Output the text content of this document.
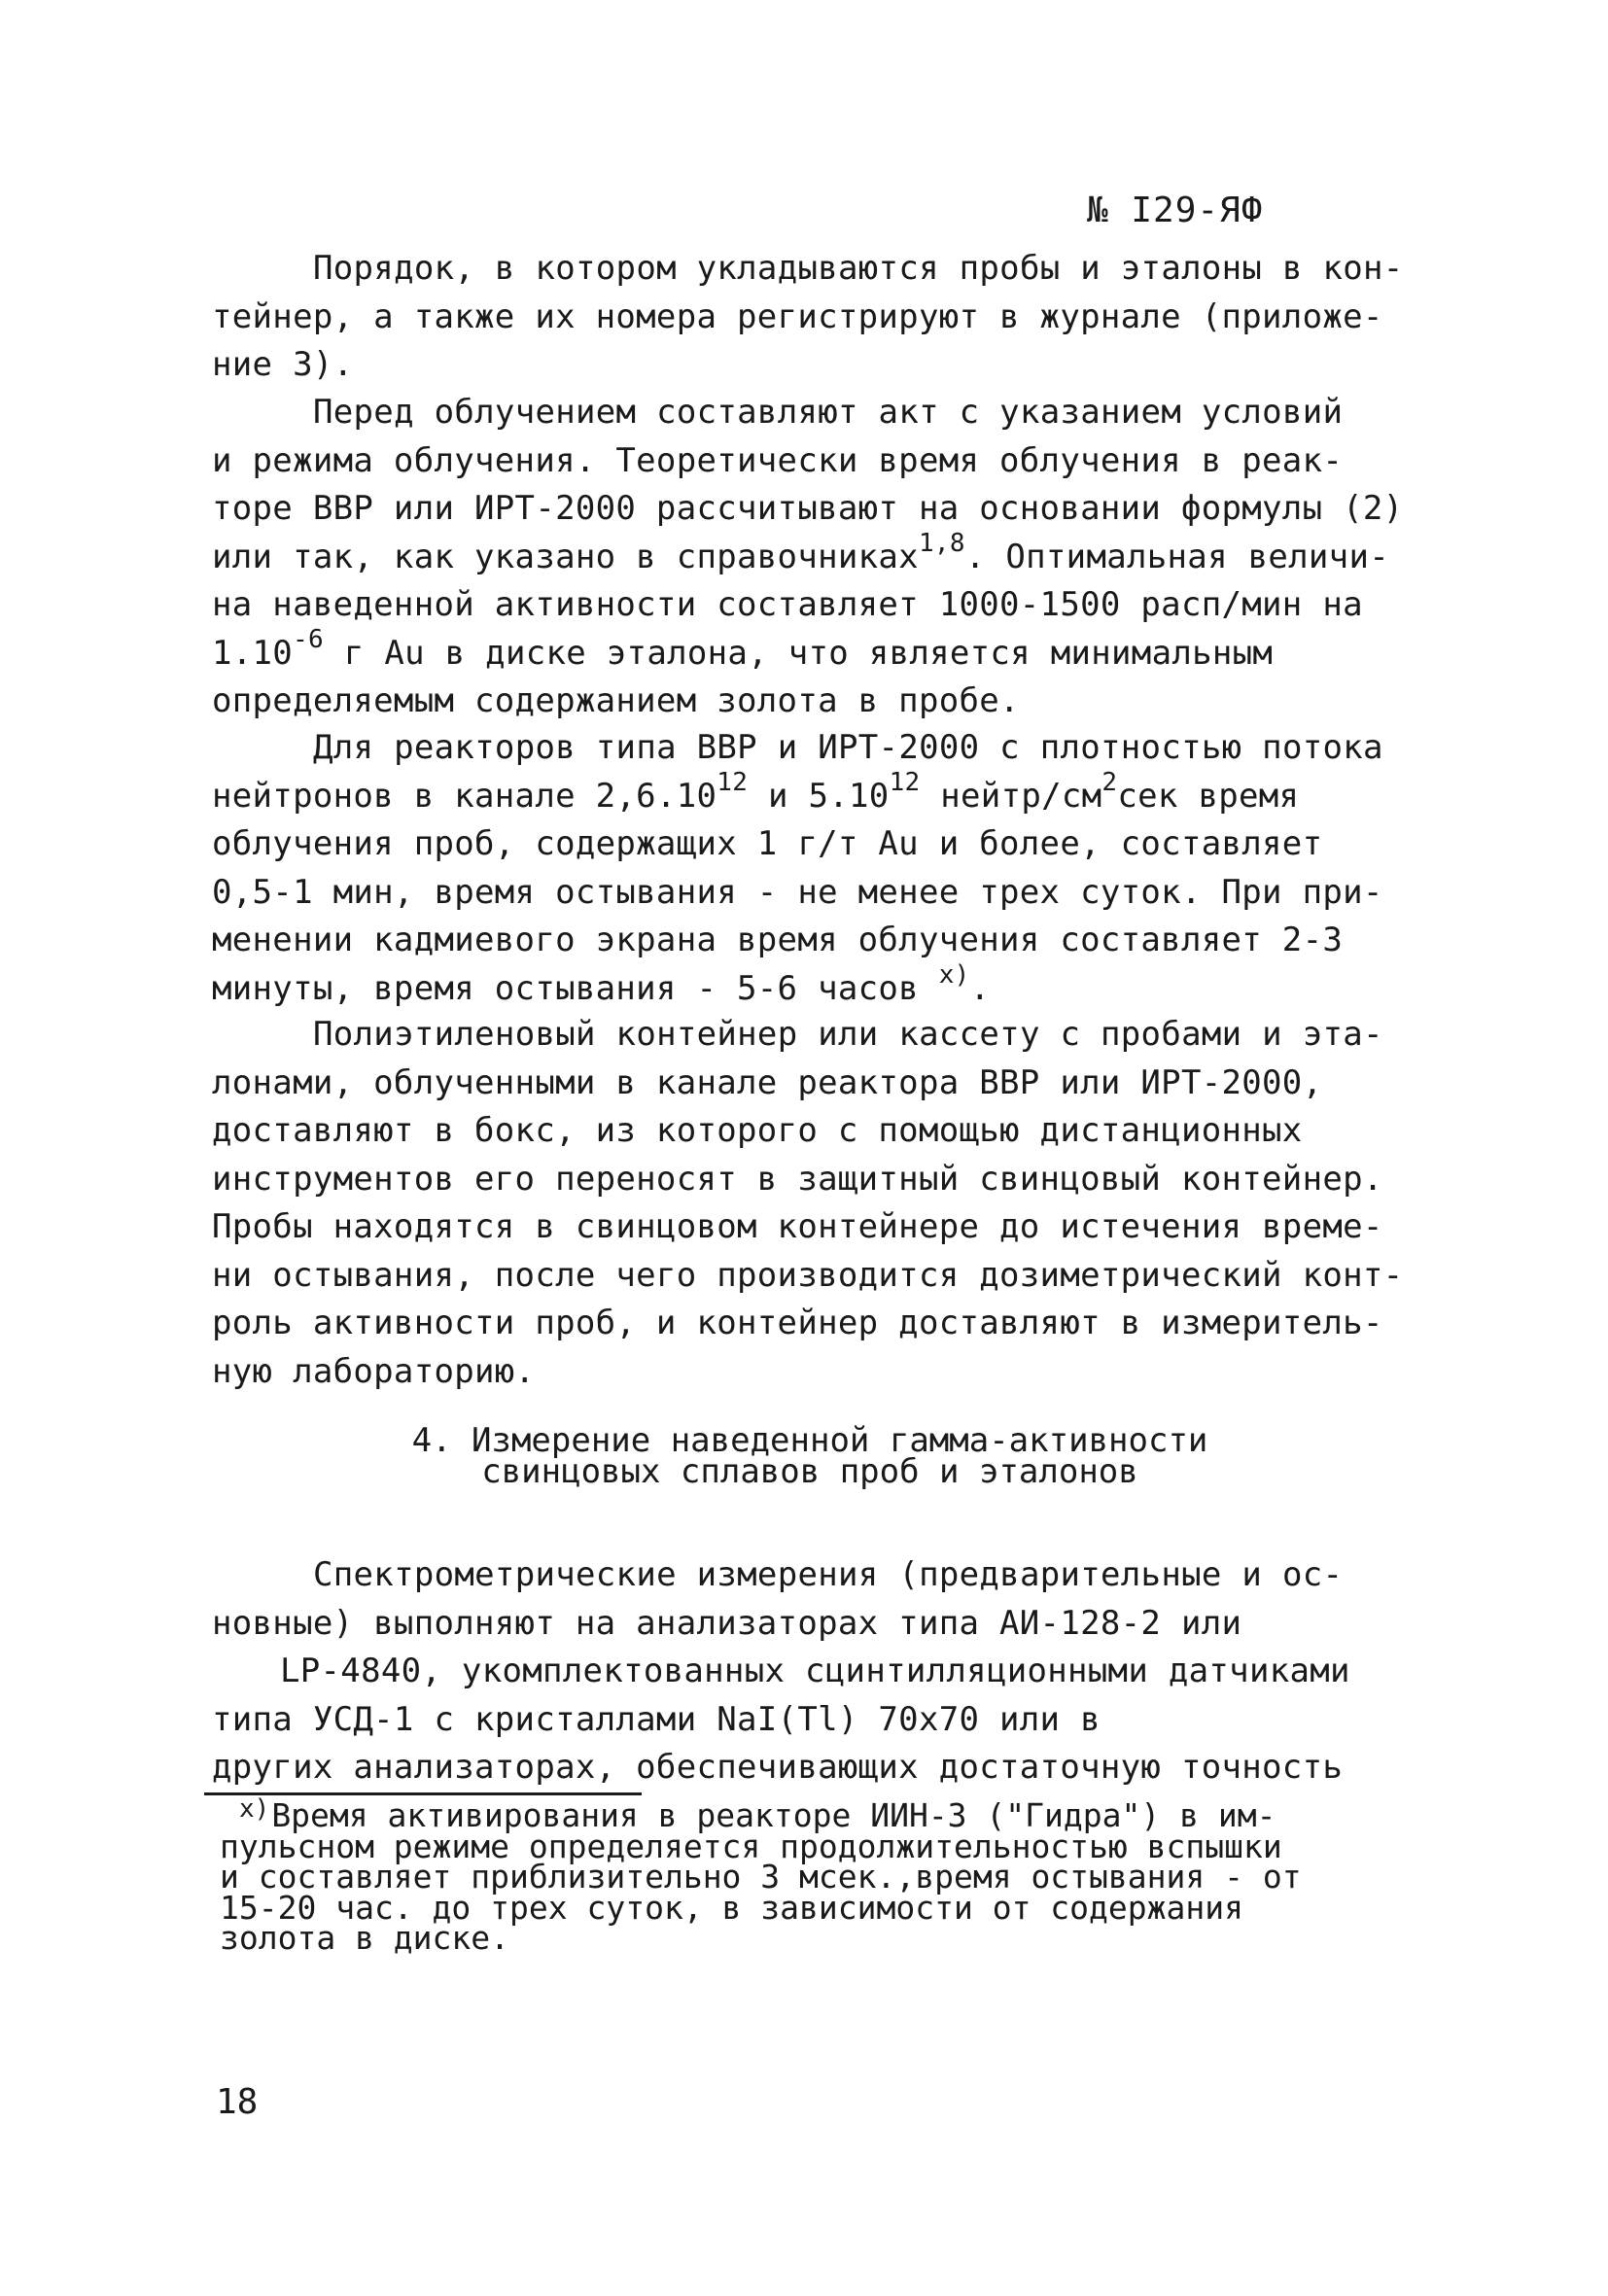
№ I29-ЯФ
Порядок, в котором укладываются пробы и эталоны в кон-
тейнер, а также их номера регистрируют в журнале (приложе-
ние 3).
Перед облучением составляют акт с указанием условий
и режима облучения. Теоретически время облучения в реак-
торе ВВР или ИРТ-2000 рассчитывают на основании формулы (2)
или так, как указано в справочниках$^{1,8}$. Оптимальная величи-
на наведенной активности составляет 1000-1500 расп/мин на
$1.10^{-6}$ г Au в диске эталона, что является минимальным
определяемым содержанием золота в пробе.
Для реакторов типа ВВР и ИРТ-2000 с плотностью потока
нейтронов в канале 2,6.10$^{12}$ и 5.10$^{12}$ нейтр/$см^2сек$ время
облучения проб, содержащих 1 г/т Au и более, составляет
0,5-1 мин, время остывания - не менее трех суток. При при-
менении кадмиевого экрана время облучения составляет 2-3
минуты, время остывания - 5-6 часов $^{x)}$.
Полиэтиленовый контейнер или кассету с пробами и эта-
лонами, облученными в канале реактора ВВР или ИРТ-2000,
доставляют в бокс, из которого с помощью дистанционных
инструментов его переносят в защитный свинцовый контейнер.
Пробы находятся в свинцовом контейнере до истечения време-
ни остывания, после чего производится дозиметрический конт-
роль активности проб, и контейнер доставляют в измеритель-
ную лабораторию.
4. Измерение наведенной гамма-активности
свинцовых сплавов проб и эталонов
Спектрометрические измерения (предварительные и ос-
новные) выполняют на анализаторах типа АИ-128-2 или
LP-4840, укомплектованных сцинтилляционными датчиками
типа УСД-1 с кристаллами NaI(Tl) 70х70 или в
других анализаторах, обеспечивающих достаточную точность
$^{x)}$Время активирования в реакторе ИИН-3 ("Гидра") в им-
пульсном режиме определяется продолжительностью вспышки
и составляет приблизительно 3 мсек.,время остывания - от
15-20 час. до трех суток, в зависимости от содержания
золота в диске.
18
